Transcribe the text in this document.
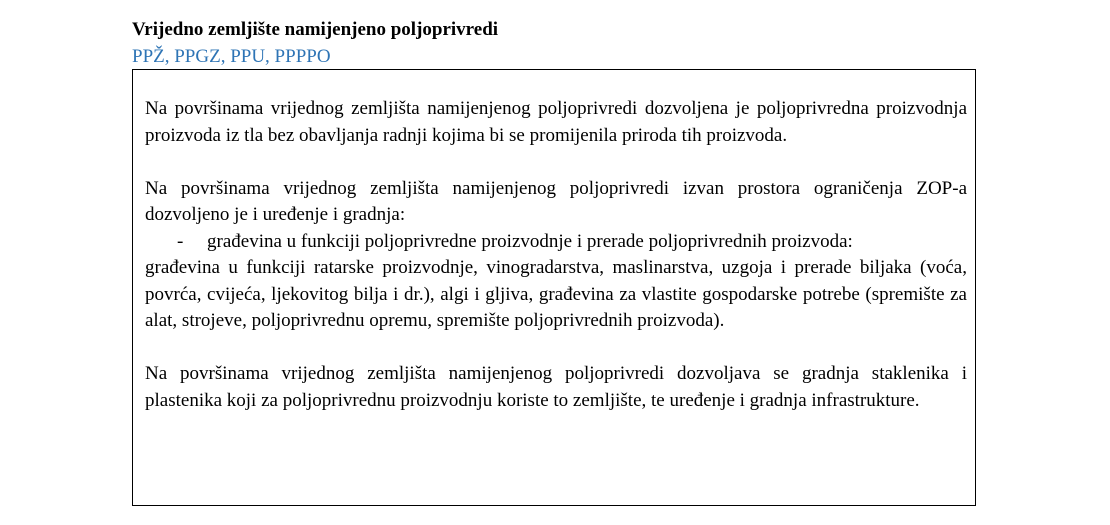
Vrijedno zemljište namijenjeno poljoprivredi
PPŽ, PPGZ, PPU, PPPPO

Na površinama vrijednog zemljišta namijenjenog poljoprivredi dozvoljena je poljoprivredna proizvodnja proizvoda iz tla bez obavljanja radnji kojima bi se promijenila priroda tih proizvoda.

Na površinama vrijednog zemljišta namijenjenog poljoprivredi izvan prostora ograničenja ZOP-a dozvoljeno je i uređenje i gradnja:

-	građevina u funkciji poljoprivredne proizvodnje i prerade poljoprivrednih proizvoda:

građevina u funkciji ratarske proizvodnje, vinogradarstva, maslinarstva, uzgoja i prerade biljaka (voća, povrća, cvijeća, ljekovitog bilja i dr.), algi i gljiva, građevina za vlastite gospodarske potrebe (spremište za alat, strojeve, poljoprivrednu opremu, spremište poljoprivrednih proizvoda).

Na površinama vrijednog zemljišta namijenjenog poljoprivredi dozvoljava se gradnja staklenika i plastenika koji za poljoprivrednu proizvodnju koriste to zemljište, te uređenje i gradnja infrastrukture.
